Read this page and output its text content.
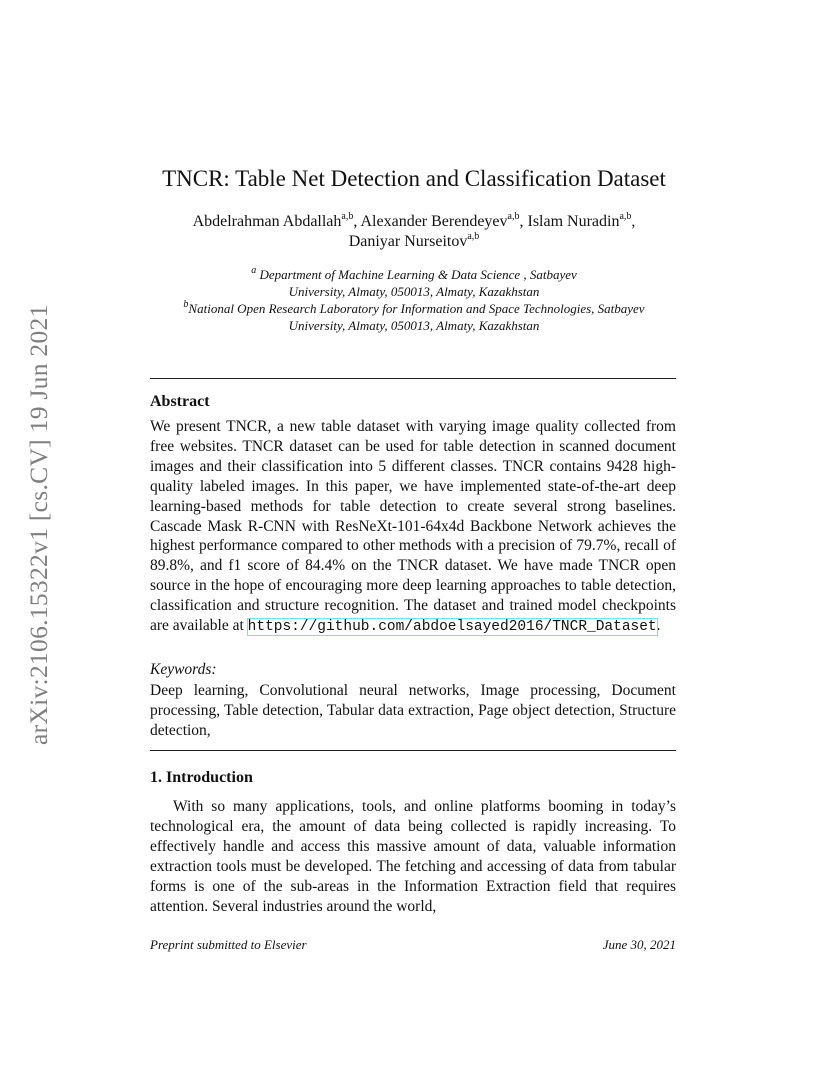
arXiv:2106.15322v1 [cs.CV] 19 Jun 2021
TNCR: Table Net Detection and Classification Dataset
Abdelrahman Abdallah$^{a,b}$, Alexander Berendeyev$^{a,b}$, Islam Nuradin$^{a,b}$,
Daniyar Nurseitov$^{a,b}$
$^a$ Department of Machine Learning & Data Science , Satbayev
University, Almaty, 050013, Almaty, Kazakhstan
$^b$National Open Research Laboratory for Information and Space Technologies, Satbayev
University, Almaty, 050013, Almaty, Kazakhstan
Abstract
We present TNCR, a new table dataset with varying image quality collected from free websites. TNCR dataset can be used for table detection in scanned document images and their classification into 5 different classes. TNCR contains 9428 high-quality labeled images. In this paper, we have implemented state-of-the-art deep learning-based methods for table detection to create several strong baselines. Cascade Mask R-CNN with ResNeXt-101-64x4d Backbone Network achieves the highest performance compared to other methods with a precision of 79.7%, recall of 89.8%, and f1 score of 84.4% on the TNCR dataset. We have made TNCR open source in the hope of encouraging more deep learning approaches to table detection, classification and structure recognition. The dataset and trained model checkpoints are available at https://github.com/abdoelsayed2016/TNCR_Dataset.
Keywords:
Deep learning, Convolutional neural networks, Image processing, Document processing, Table detection, Tabular data extraction, Page object detection, Structure detection,
1. Introduction
With so many applications, tools, and online platforms booming in today’s technological era, the amount of data being collected is rapidly increasing. To effectively handle and access this massive amount of data, valuable information extraction tools must be developed. The fetching and accessing of data from tabular forms is one of the sub-areas in the Information Extraction field that requires attention. Several industries around the world,
Preprint submitted to Elsevier	June 30, 2021
